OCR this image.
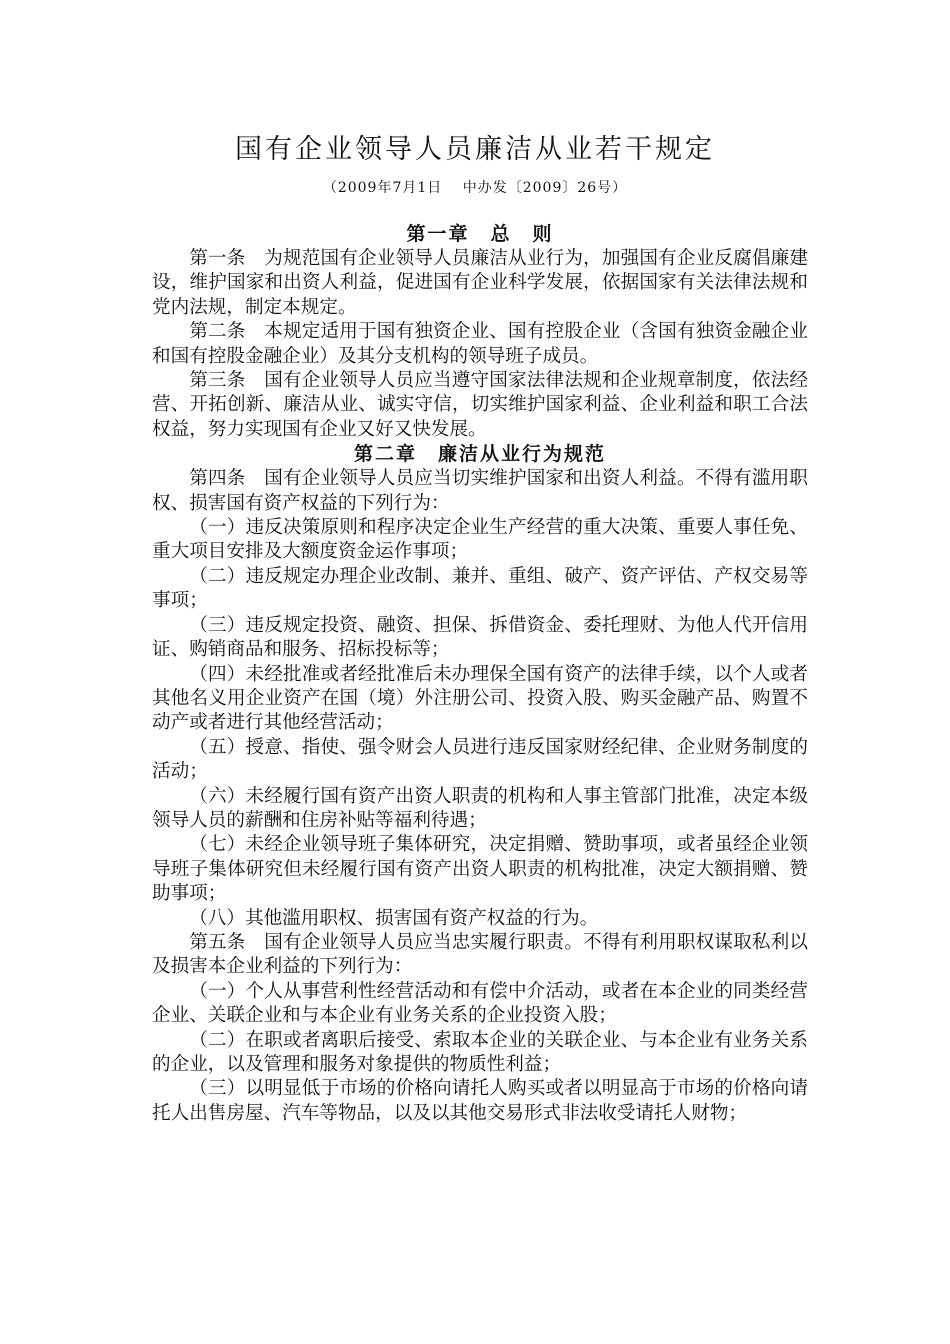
国有企业领导人员廉洁从业若干规定
（2009年7月1日　 中办发〔2009〕26号）
第一章　总　则

第一条　为规范国有企业领导人员廉洁从业行为，加强国有企业反腐倡廉建设，维护国家和出资人利益，促进国有企业科学发展，依据国家有关法律法规和党内法规，制定本规定。

第二条　本规定适用于国有独资企业、国有控股企业（含国有独资金融企业和国有控股金融企业）及其分支机构的领导班子成员。

第三条　国有企业领导人员应当遵守国家法律法规和企业规章制度，依法经营、开拓创新、廉洁从业、诚实守信，切实维护国家利益、企业利益和职工合法权益，努力实现国有企业又好又快发展。

第二章　廉洁从业行为规范

第四条　国有企业领导人员应当切实维护国家和出资人利益。不得有滥用职权、损害国有资产权益的下列行为：

（一）违反决策原则和程序决定企业生产经营的重大决策、重要人事任免、重大项目安排及大额度资金运作事项；

（二）违反规定办理企业改制、兼并、重组、破产、资产评估、产权交易等事项；

（三）违反规定投资、融资、担保、拆借资金、委托理财、为他人代开信用证、购销商品和服务、招标投标等；

（四）未经批准或者经批准后未办理保全国有资产的法律手续，以个人或者其他名义用企业资产在国（境）外注册公司、投资入股、购买金融产品、购置不动产或者进行其他经营活动；

（五）授意、指使、强令财会人员进行违反国家财经纪律、企业财务制度的活动；

（六）未经履行国有资产出资人职责的机构和人事主管部门批准，决定本级领导人员的薪酬和住房补贴等福利待遇；

（七）未经企业领导班子集体研究，决定捐赠、赞助事项，或者虽经企业领导班子集体研究但未经履行国有资产出资人职责的机构批准，决定大额捐赠、赞助事项；

（八）其他滥用职权、损害国有资产权益的行为。

第五条　国有企业领导人员应当忠实履行职责。不得有利用职权谋取私利以及损害本企业利益的下列行为：

（一）个人从事营利性经营活动和有偿中介活动，或者在本企业的同类经营企业、关联企业和与本企业有业务关系的企业投资入股；

（二）在职或者离职后接受、索取本企业的关联企业、与本企业有业务关系的企业，以及管理和服务对象提供的物质性利益；

（三）以明显低于市场的价格向请托人购买或者以明显高于市场的价格向请托人出售房屋、汽车等物品，以及以其他交易形式非法收受请托人财物；
